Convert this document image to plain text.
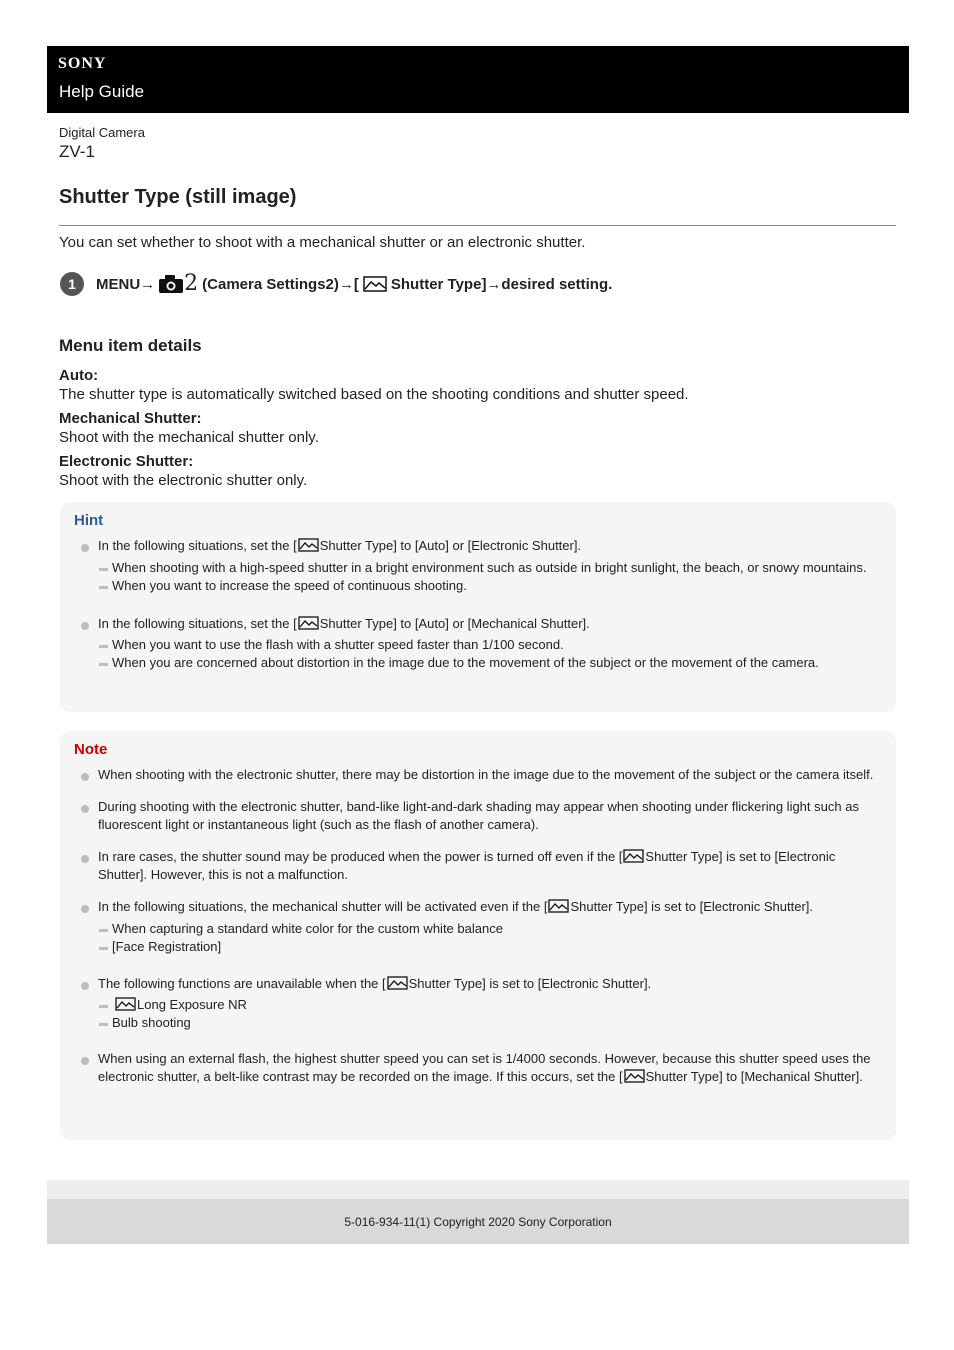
SONY
Help Guide
Digital Camera
ZV-1
Shutter Type (still image)
You can set whether to shoot with a mechanical shutter or an electronic shutter.
1	MENU→ 2 (Camera Settings2)→[ Shutter Type]→desired setting.
Menu item details
Auto:
The shutter type is automatically switched based on the shooting conditions and shutter speed.
Mechanical Shutter:
Shoot with the mechanical shutter only.
Electronic Shutter:
Shoot with the electronic shutter only.
Hint
In the following situations, set the [ Shutter Type] to [Auto] or [Electronic Shutter].
When shooting with a high-speed shutter in a bright environment such as outside in bright sunlight, the beach, or snowy mountains.
When you want to increase the speed of continuous shooting.
In the following situations, set the [ Shutter Type] to [Auto] or [Mechanical Shutter].
When you want to use the flash with a shutter speed faster than 1/100 second.
When you are concerned about distortion in the image due to the movement of the subject or the movement of the camera.
Note
When shooting with the electronic shutter, there may be distortion in the image due to the movement of the subject or the camera itself.
During shooting with the electronic shutter, band-like light-and-dark shading may appear when shooting under flickering light such as fluorescent light or instantaneous light (such as the flash of another camera).
In rare cases, the shutter sound may be produced when the power is turned off even if the [ Shutter Type] is set to [Electronic Shutter]. However, this is not a malfunction.
In the following situations, the mechanical shutter will be activated even if the [ Shutter Type] is set to [Electronic Shutter].
When capturing a standard white color for the custom white balance
[Face Registration]
The following functions are unavailable when the [ Shutter Type] is set to [Electronic Shutter].
Long Exposure NR
Bulb shooting
When using an external flash, the highest shutter speed you can set is 1/4000 seconds. However, because this shutter speed uses the electronic shutter, a belt-like contrast may be recorded on the image. If this occurs, set the [ Shutter Type] to [Mechanical Shutter].
5-016-934-11(1) Copyright 2020 Sony Corporation
